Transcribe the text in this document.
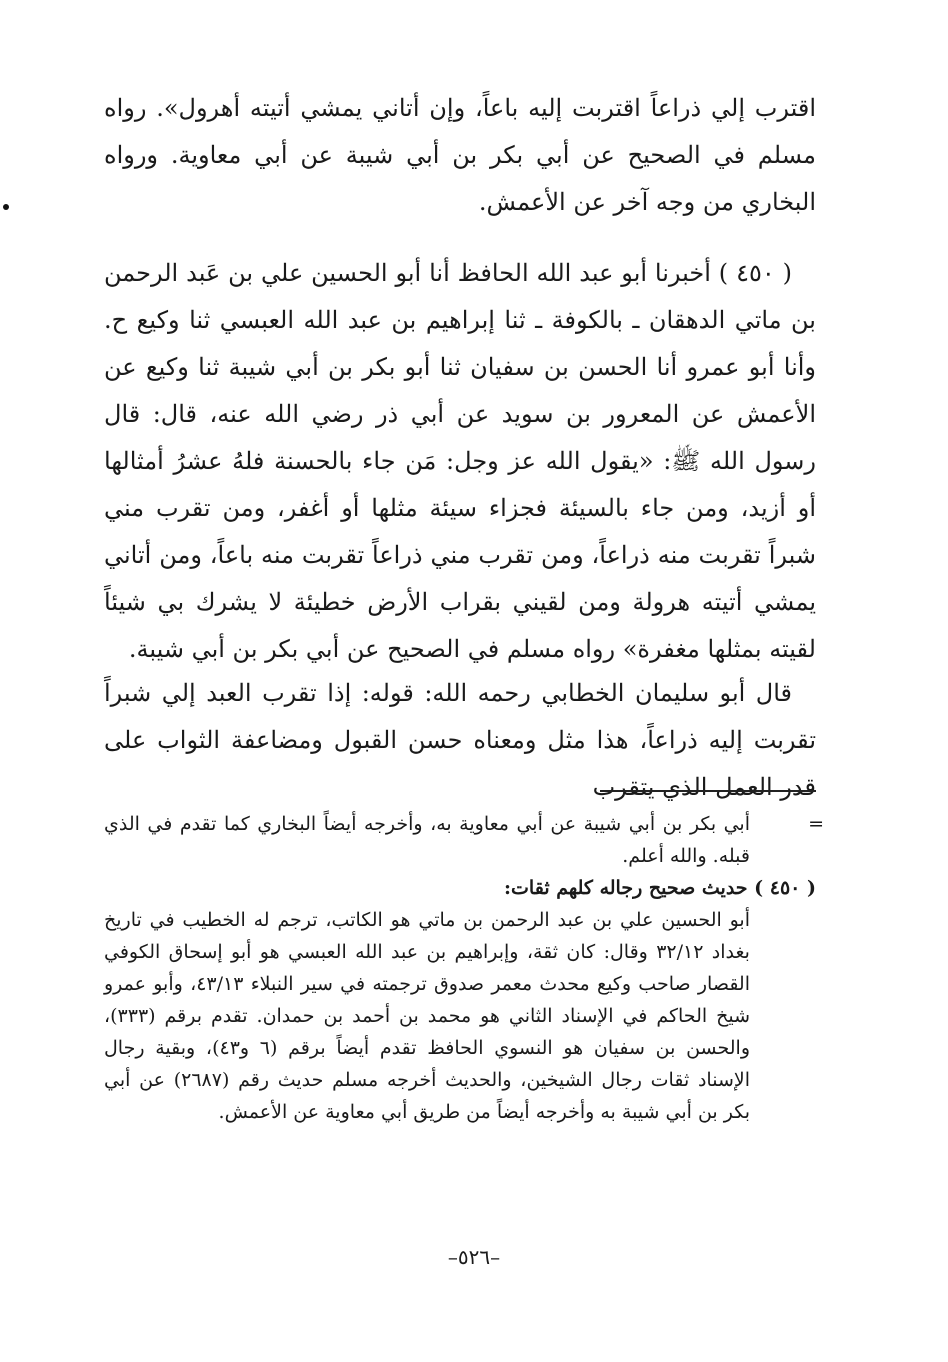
اقترب إلي ذراعاً اقتربت إليه باعاً، وإن أتاني يمشي أتيته أهرول». رواه مسلم في الصحيح عن أبي بكر بن أبي شيبة عن أبي معاوية. ورواه البخاري من وجه آخر عن الأعمش.

( ٤٥٠ ) أخبرنا أبو عبد الله الحافظ أنا أبو الحسين علي بن عَبد الرحمن بن ماتي الدهقان ـ بالكوفة ـ ثنا إبراهيم بن عبد الله العبسي ثنا وكيع ح. وأنا أبو عمرو أنا الحسن بن سفيان ثنا أبو بكر بن أبي شيبة ثنا وكيع عن الأعمش عن المعرور بن سويد عن أبي ذر رضي الله عنه، قال: قال رسول الله ﷺ: «يقول الله عز وجل: مَن جاء بالحسنة فلهُ عشرُ أمثالها أو أزيد، ومن جاء بالسيئة فجزاء سيئة مثلها أو أغفر، ومن تقرب مني شبراً تقربت منه ذراعاً، ومن تقرب مني ذراعاً تقربت منه باعاً، ومن أتاني يمشي أتيته هرولة ومن لقيني بقراب الأرض خطيئة لا يشرك بي شيئاً لقيته بمثلها مغفرة» رواه مسلم في الصحيح عن أبي بكر بن أبي شيبة.

قال أبو سليمان الخطابي رحمه الله: قوله: إذا تقرب العبد إلي شبراً تقربت إليه ذراعاً، هذا مثل ومعناه حسن القبول ومضاعفة الثواب على قدر العمل الذي يتقرب

=
أبي بكر بن أبي شيبة عن أبي معاوية به، وأخرجه أيضاً البخاري كما تقدم في الذي قبله. والله أعلم.
( ٤٥٠ ) حديث صحيح رجاله كلهم ثقات:
أبو الحسين علي بن عبد الرحمن بن ماتي هو الكاتب، ترجم له الخطيب في تاريخ بغداد ٣٢/١٢ وقال: كان ثقة، وإبراهيم بن عبد الله العبسي هو أبو إسحاق الكوفي القصار صاحب وكيع محدث معمر صدوق ترجمته في سير النبلاء ٤٣/١٣، وأبو عمرو شيخ الحاكم في الإسناد الثاني هو محمد بن أحمد بن حمدان. تقدم برقم (٣٣٣)، والحسن بن سفيان هو النسوي الحافظ تقدم أيضاً برقم (٦ و٤٣)، وبقية رجال الإسناد ثقات رجال الشيخين، والحديث أخرجه مسلم حديث رقم (٢٦٨٧) عن أبي بكر بن أبي شيبة به وأخرجه أيضاً من طريق أبي معاوية عن الأعمش.
–٥٢٦–
